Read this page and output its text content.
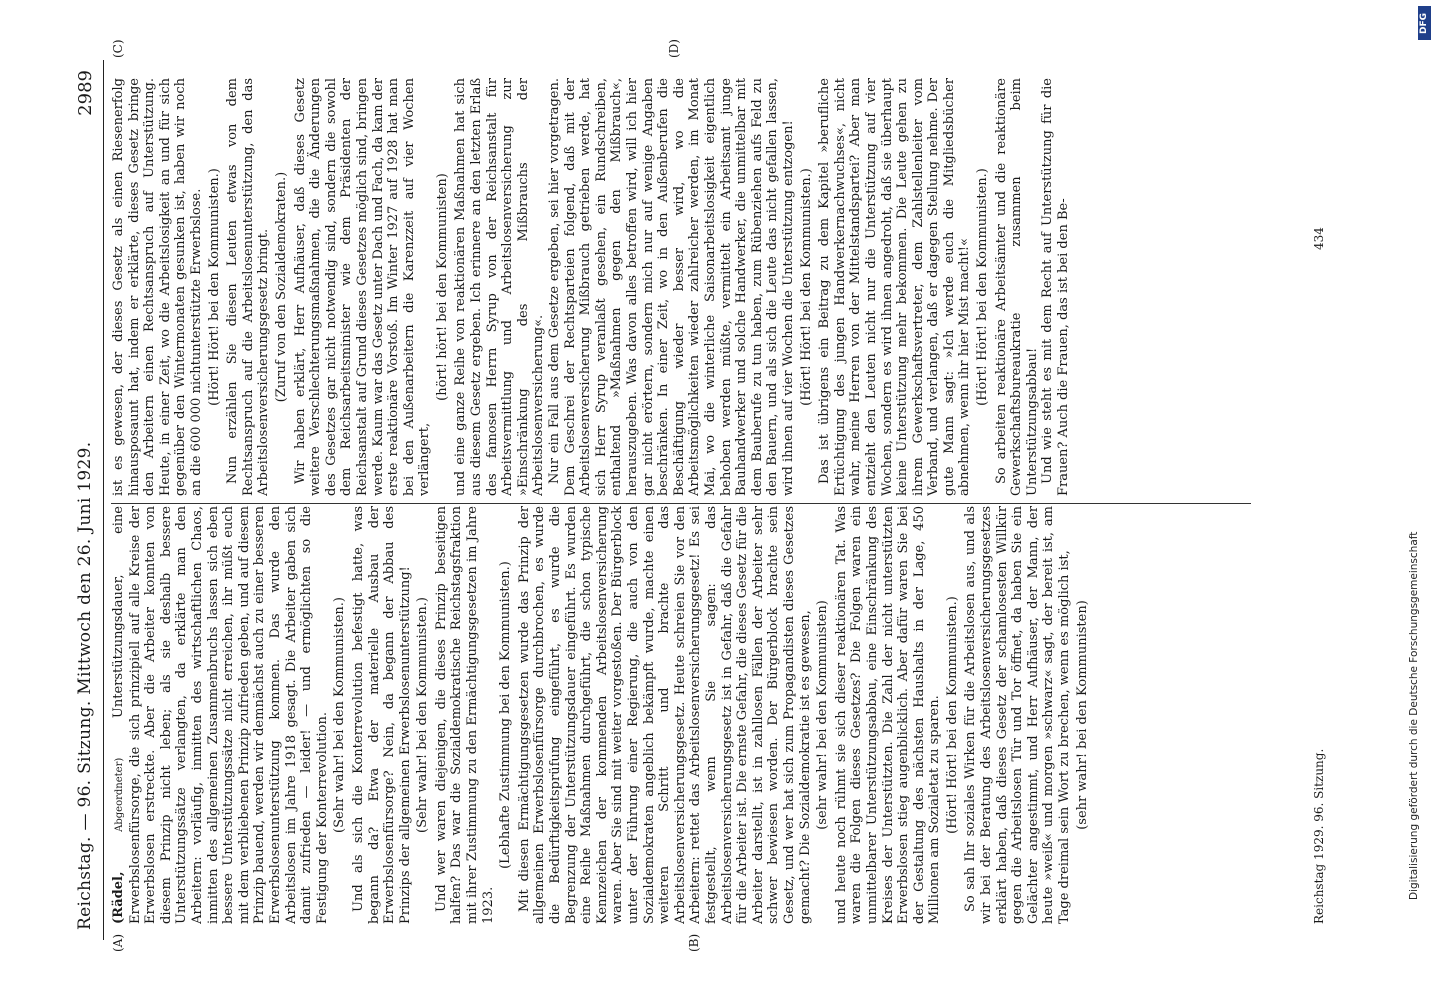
Reichstag. — 96. Sitzung. Mittwoch den 26. Juni 1929.
2989
(A)	(B)
(C)	(D)

(Rädel, Abgeordneter) Unterstützungsdauer, eine Erwerbslosenfürsorge, die sich prinzipiell auf alle Kreise der Erwerbslosen erstreckte. Aber die Arbeiter konnten von diesem Prinzip nicht leben; als sie deshalb bessere Unterstützungssätze verlangten, da erklärte man den Arbeitern: vorläufig, inmitten des wirtschaftlichen Chaos, inmitten des allgemeinen Zusammenbruchs lassen sich eben bessere Unterstützungssätze nicht erreichen, ihr müßt euch mit dem verbliebenen Prinzip zufrieden geben, und auf diesem Prinzip bauend, werden wir demnächst auch zu einer besseren Erwerbslosenunterstützung kommen. Das wurde den Arbeitslosen im Jahre 1918 gesagt. Die Arbeiter gaben sich damit zufrieden — leider! — und ermöglichten so die Festigung der Konterrevolution. (Sehr wahr! bei den Kommunisten.) Und als sich die Konterrevolution befestigt hatte, was begann da? Etwa der materielle Ausbau der Erwerbslosenfürsorge? Nein, da begann der Abbau des Prinzips der allgemeinen Erwerbslosenunterstützung! (Sehr wahr! bei den Kommunisten.) Und wer waren diejenigen, die dieses Prinzip beseitigen halfen? Das war die Sozialdemokratische Reichstagsfraktion mit ihrer Zustimmung zu den Ermächtigungsgesetzen im Jahre 1923.

(Lebhafte Zustimmung bei den Kommunisten.) Mit diesen Ermächtigungsgesetzen wurde das Prinzip der allgemeinen Erwerbslosenfürsorge durchbrochen, es wurde die Bedürftigkeitsprüfung eingeführt, es wurde die Begrenzung der Unterstützungsdauer eingeführt. Es wurden eine Reihe Maßnahmen durchgeführt, die schon typische Kennzeichen der kommenden Arbeitslosenversicherung waren. Aber Sie sind mit weiter vorgestoßen. Der Bürgerblock unter der Führung einer Regierung, die auch von den Sozialdemokraten angeblich bekämpft wurde, machte einen weiteren Schritt und brachte das Arbeitslosenversicherungsgesetz. Heute schreien Sie vor den Arbeitern: rettet das Arbeitslosenversicherungsgesetz! Es sei festgestellt, wenn Sie sagen: das Arbeitslosenversicherungsgesetz ist in Gefahr, daß die Gefahr für die Arbeiter ist. Die ernste Gefahr, die dieses Gesetz für die Arbeiter darstellt, ist in zahllosen Fällen der Arbeiter sehr schwer bewiesen worden. Der Bürgerblock brachte sein Gesetz, und wer hat sich zum Propagandisten dieses Gesetzes gemacht? Die Sozialdemokratie ist es gewesen, (sehr wahr! bei den Kommunisten) und heute noch rühmt sie sich dieser reaktionären Tat. Was waren die Folgen dieses Gesetzes? Die Folgen waren ein unmittelbarer Unterstützungsabbau, eine Einschränkung des Kreises der Unterstützten. Die Zahl der nicht unterstützten Erwerbslosen stieg augenblicklich. Aber dafür waren Sie bei der Gestaltung des nächsten Haushalts in der Lage, 450 Millionen am Sozialetat zu sparen. (Hört! Hört! bei den Kommunisten.) So sah Ihr soziales Wirken für die Arbeitslosen aus, und als wir bei der Beratung des Arbeitslosenversicherungsgesetzes erklärt haben, daß dieses Gesetz der schamlosesten Willkür gegen die Arbeitslosen Tür und Tor öffnet, da haben Sie ein Gelächter angestimmt, und Herr Aufhäuser, der Mann, der heute »weiß« und morgen »schwarz« sagt, der bereit ist, am Tage dreimal sein Wort zu brechen, wenn es möglich ist, (sehr wahr! bei den Kommunisten)

ist es gewesen, der dieses Gesetz als einen Riesenerfolg hinausposaunt hat, indem er erklärte, dieses Gesetz bringe den Arbeitern einen Rechtsanspruch auf Unterstützung. Heute, in einer Zeit, wo die Arbeitslosigkeit an und für sich gegenüber den Wintermonaten gesunken ist, haben wir noch an die 600 000 nichtunterstützte Erwerbslose. (Hört! Hört! bei den Kommunisten.) Nun erzählen Sie diesen Leuten etwas von dem Rechtsanspruch auf die Arbeitslosenunterstützung, den das Arbeitslosenversicherungsgesetz bringt. (Zuruf von den Sozialdemokraten.) Wir haben erklärt, Herr Aufhäuser, daß dieses Gesetz weitere Verschlechterungsmaßnahmen, die die Änderungen des Gesetzes gar nicht notwendig sind, sondern die sowohl dem Reichsarbeitsminister wie dem Präsidenten der Reichsanstalt auf Grund dieses Gesetzes möglich sind, bringen werde. Kaum war das Gesetz unter Dach und Fach, da kam der erste reaktionäre Vorstoß. Im Winter 1927 auf 1928 hat man bei den Außenarbeitern die Karenzzeit auf vier Wochen verlängert,

(hört! hört! bei den Kommunisten) und eine ganze Reihe von reaktionären Maßnahmen hat sich aus diesem Gesetz ergeben. Ich erinnere an den letzten Erlaß des famosen Herrn Syrup von der Reichsanstalt für Arbeitsvermittlung und Arbeitslosenversicherung zur »Einschränkung des Mißbrauchs der Arbeitslosenversicherung«. Nur ein Fall aus dem Gesetze ergeben, sei hier vorgetragen. Dem Geschrei der Rechtsparteien folgend, daß mit der Arbeitslosenversicherung Mißbrauch getrieben werde, hat sich Herr Syrup veranlaßt gesehen, ein Rundschreiben, enthaltend »Maßnahmen gegen den Mißbrauch«, herauszugeben. Was davon alles betroffen wird, will ich hier gar nicht erörtern, sondern mich nur auf wenige Angaben beschränken. In einer Zeit, wo in den Außenberufen die Beschäftigung wieder besser wird, wo die Arbeitsmöglichkeiten wieder zahlreicher werden, im Monat Mai, wo die winterliche Saisonarbeitslosigkeit eigentlich behoben werden müßte, vermittelt ein Arbeitsamt junge Bauhandwerker und solche Handwerker, die unmittelbar mit dem Bauberufe zu tun haben, zum Rübenziehen aufs Feld zu den Bauern, und als sich die Leute das nicht gefallen lassen, wird ihnen auf vier Wochen die Unterstützung entzogen! (Hört! Hört! bei den Kommunisten.) Das ist übrigens ein Beitrag zu dem Kapitel »berufliche Ertüchtigung des jungen Handwerkernachwuchses«, nicht wahr, meine Herren von der Mittelstandspartei? Aber man entzieht den Leuten nicht nur die Unterstützung auf vier Wochen, sondern es wird ihnen angedroht, daß sie überhaupt keine Unterstützung mehr bekommen. Die Leute gehen zu ihrem Gewerkschaftsvertreter, dem Zahlstellenleiter vom Verband, und verlangen, daß er dagegen Stellung nehme. Der gute Mann sagt: »Ich werde euch die Mitgliedsbücher abnehmen, wenn ihr hier Mist macht!« (Hört! Hört! bei den Kommunisten.) So arbeiten reaktionäre Arbeitsämter und die reaktionäre Gewerkschaftsbureaukratie zusammen beim Unterstützungsabbau! Und wie steht es mit dem Recht auf Unterstützung für die Frauen? Auch die Frauen, das ist bei den Be-

Reichstag 1929. 96. Sitzung.
434
Digitalisierung gefördert durch die Deutsche Forschungsgemeinschaft
DFG
